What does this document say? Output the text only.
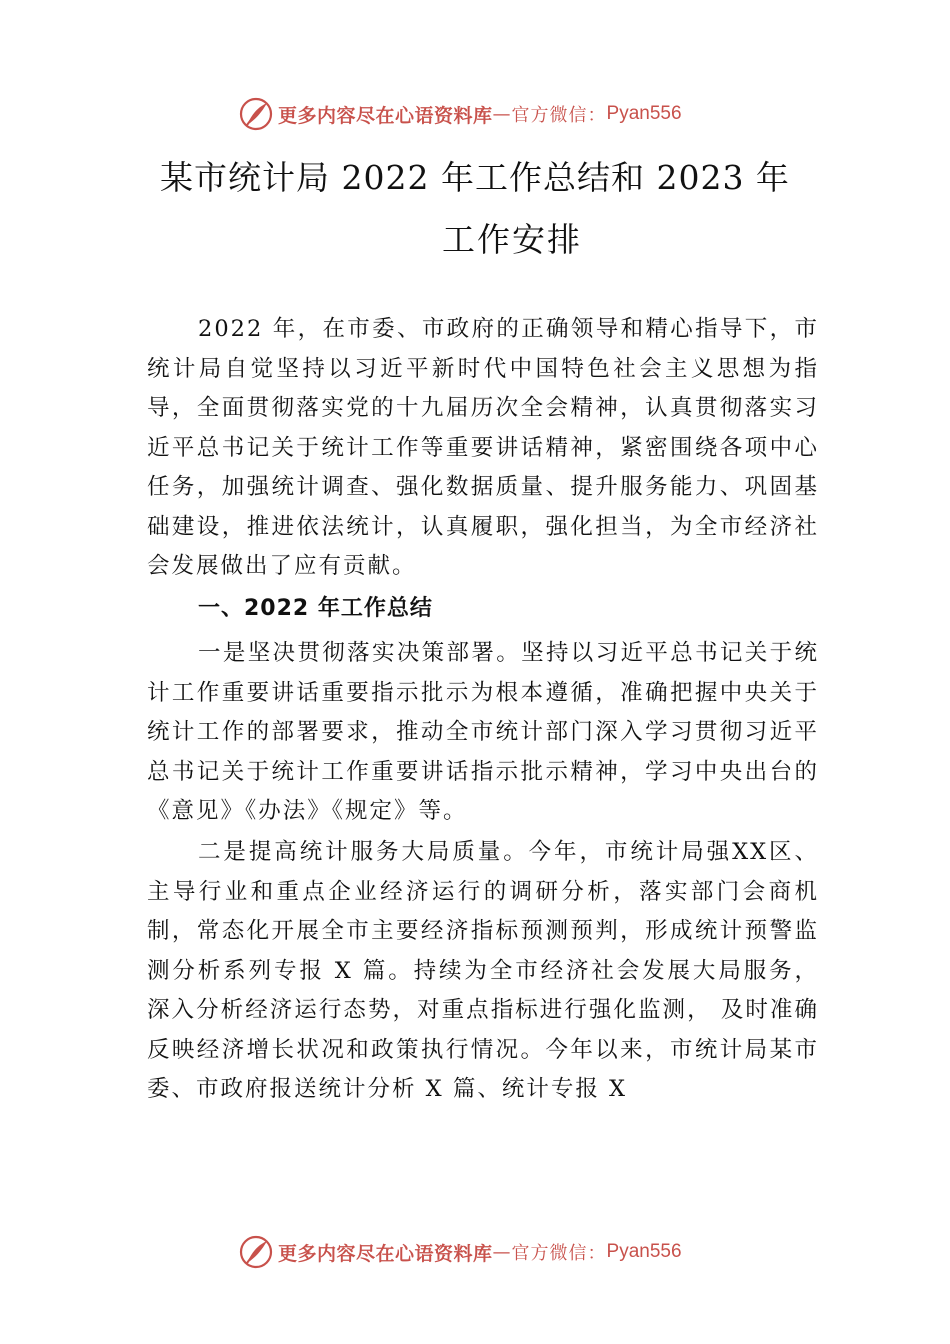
更多内容尽在心语资料库 — 官方微信： Pyan556
某市统计局 2022 年工作总结和 2023 年
工作安排

2022 年，在市委、市政府的正确领导和精心指导下，市统计局自觉坚持以习近平新时代中国特色社会主义思想为指导，全面贯彻落实党的十九届历次全会精神，认真贯彻落实习近平总书记关于统计工作等重要讲话精神，紧密围绕各项中心任务，加强统计调查、强化数据质量、提升服务能力、巩固基础建设，推进依法统计，认真履职，强化担当，为全市经济社会发展做出了应有贡献。

一、2022 年工作总结

一是坚决贯彻落实决策部署。坚持以习近平总书记关于统计工作重要讲话重要指示批示为根本遵循，准确把握中央关于统计工作的部署要求，推动全市统计部门深入学习贯彻习近平总书记关于统计工作重要讲话指示批示精神，学习中央出台的《意见》《办法》《规定》等。

二是提高统计服务大局质量。今年，市统计局强XX区、主导行业和重点企业经济运行的调研分析，落实部门会商机制，常态化开展全市主要经济指标预测预判，形成统计预警监测分析系列专报 X 篇。持续为全市经济社会发展大局服务，深入分析经济运行态势，对重点指标进行强化监测， 及时准确反映经济增长状况和政策执行情况。今年以来，市统计局某市委、市政府报送统计分析 X 篇、统计专报 X

更多内容尽在心语资料库 — 官方微信： Pyan556
